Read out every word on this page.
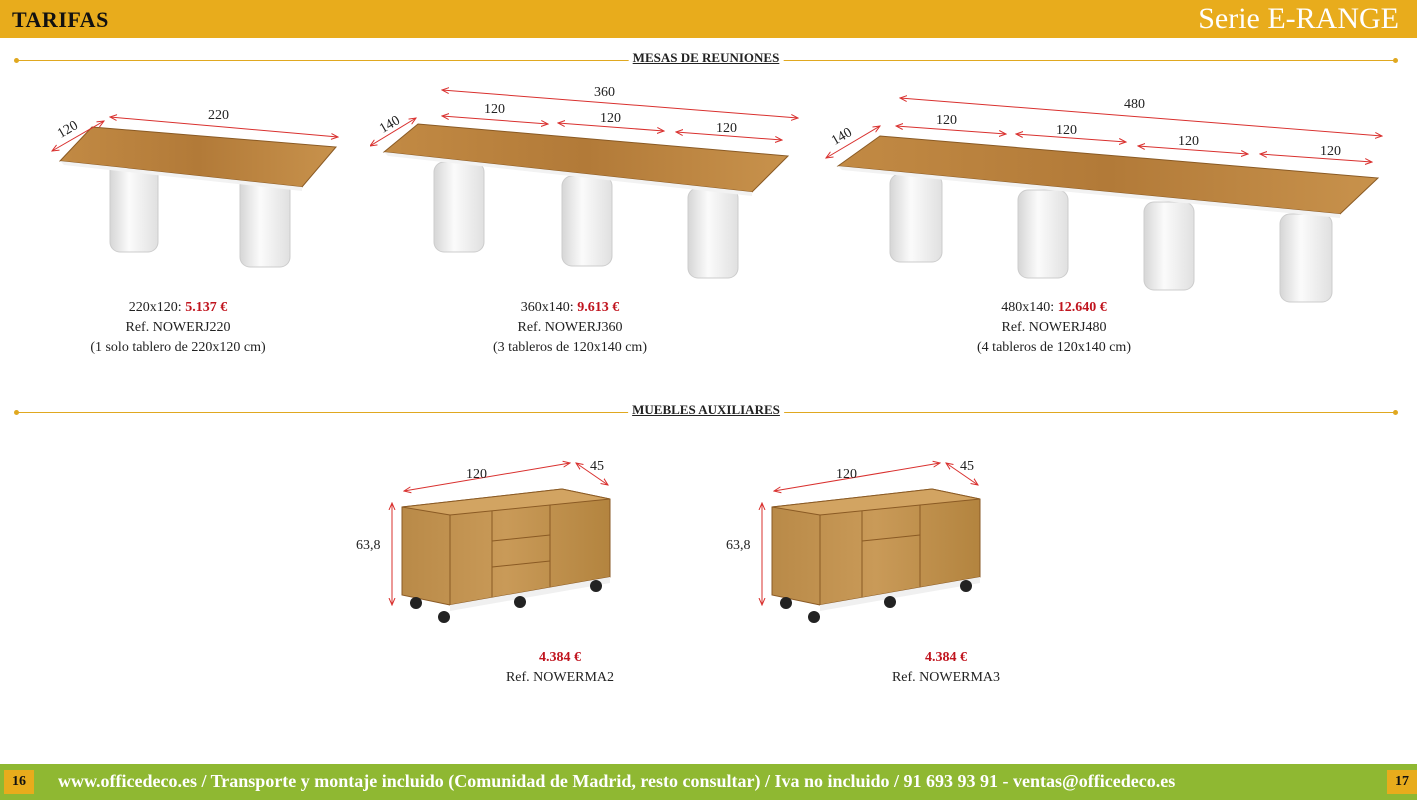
TARIFAS	Serie E-RANGE
MESAS DE REUNIONES
120
220
220x120: 5.137 €
Ref. NOWERJ220
(1 solo tablero de 220x120 cm)
140
360
120
120
120
360x140: 9.613 €
Ref. NOWERJ360
(3 tableros de 120x140 cm)
140
480
120
120
120
120
480x140: 12.640 €
Ref. NOWERJ480
(4 tableros de 120x140 cm)
MUEBLES AUXILIARES
63,8
120
45
4.384 €
Ref. NOWERMA2
63,8
120
45
4.384 €
Ref. NOWERMA3
16	www.officedeco.es / Transporte y montaje incluido (Comunidad de Madrid, resto consultar) / Iva no incluido / 91 693 93 91 - ventas@officedeco.es	17
